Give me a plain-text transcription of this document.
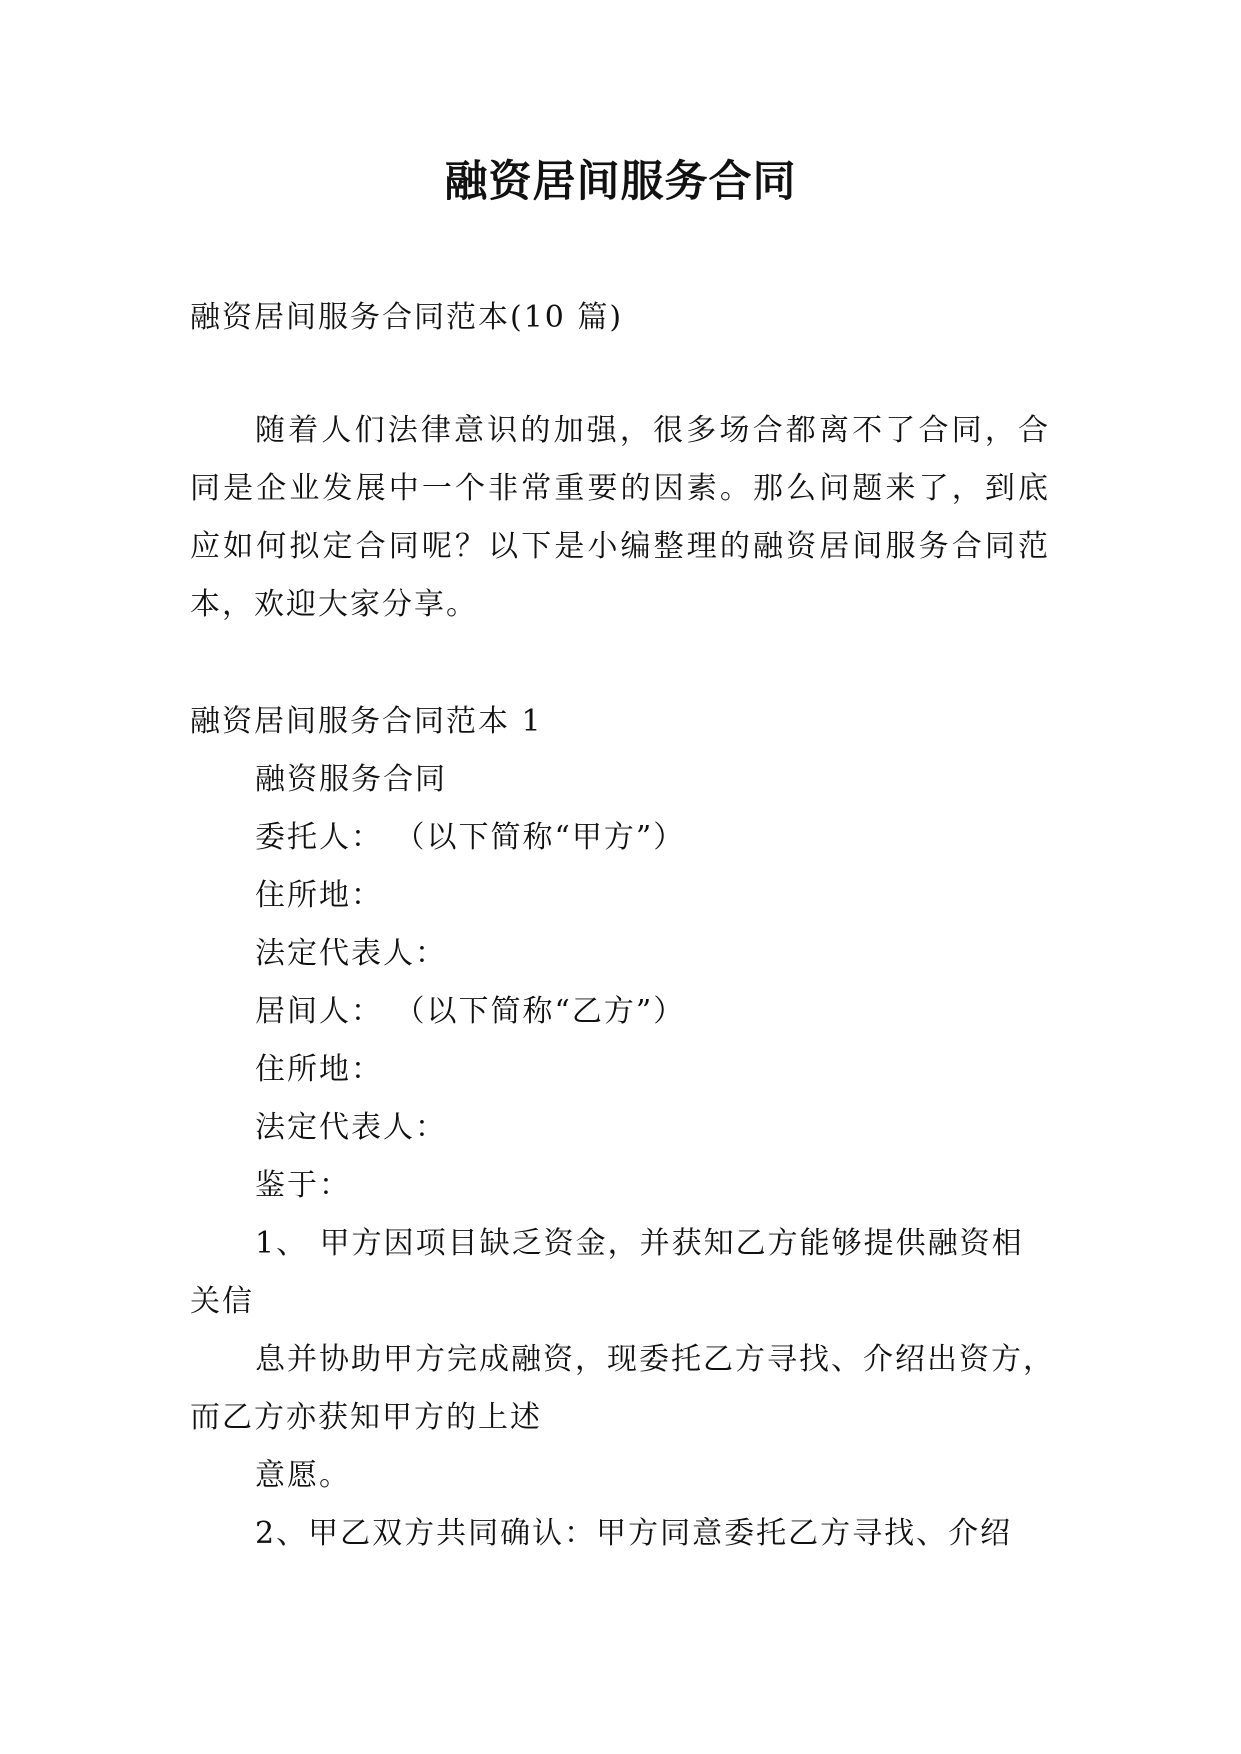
融资居间服务合同
融资居间服务合同范本(10 篇)
随着人们法律意识的加强，很多场合都离不了合同，合同是企业发展中一个非常重要的因素。那么问题来了，到底应如何拟定合同呢？以下是小编整理的融资居间服务合同范本，欢迎大家分享。
融资居间服务合同范本 1
融资服务合同
委托人： （以下简称“甲方”）
住所地：
法定代表人：
居间人： （以下简称“乙方”）
住所地：
法定代表人：
鉴于：
1、 甲方因项目缺乏资金，并获知乙方能够提供融资相
关信
息并协助甲方完成融资，现委托乙方寻找、介绍出资方，
而乙方亦获知甲方的上述
意愿。
2、甲乙双方共同确认：甲方同意委托乙方寻找、介绍
